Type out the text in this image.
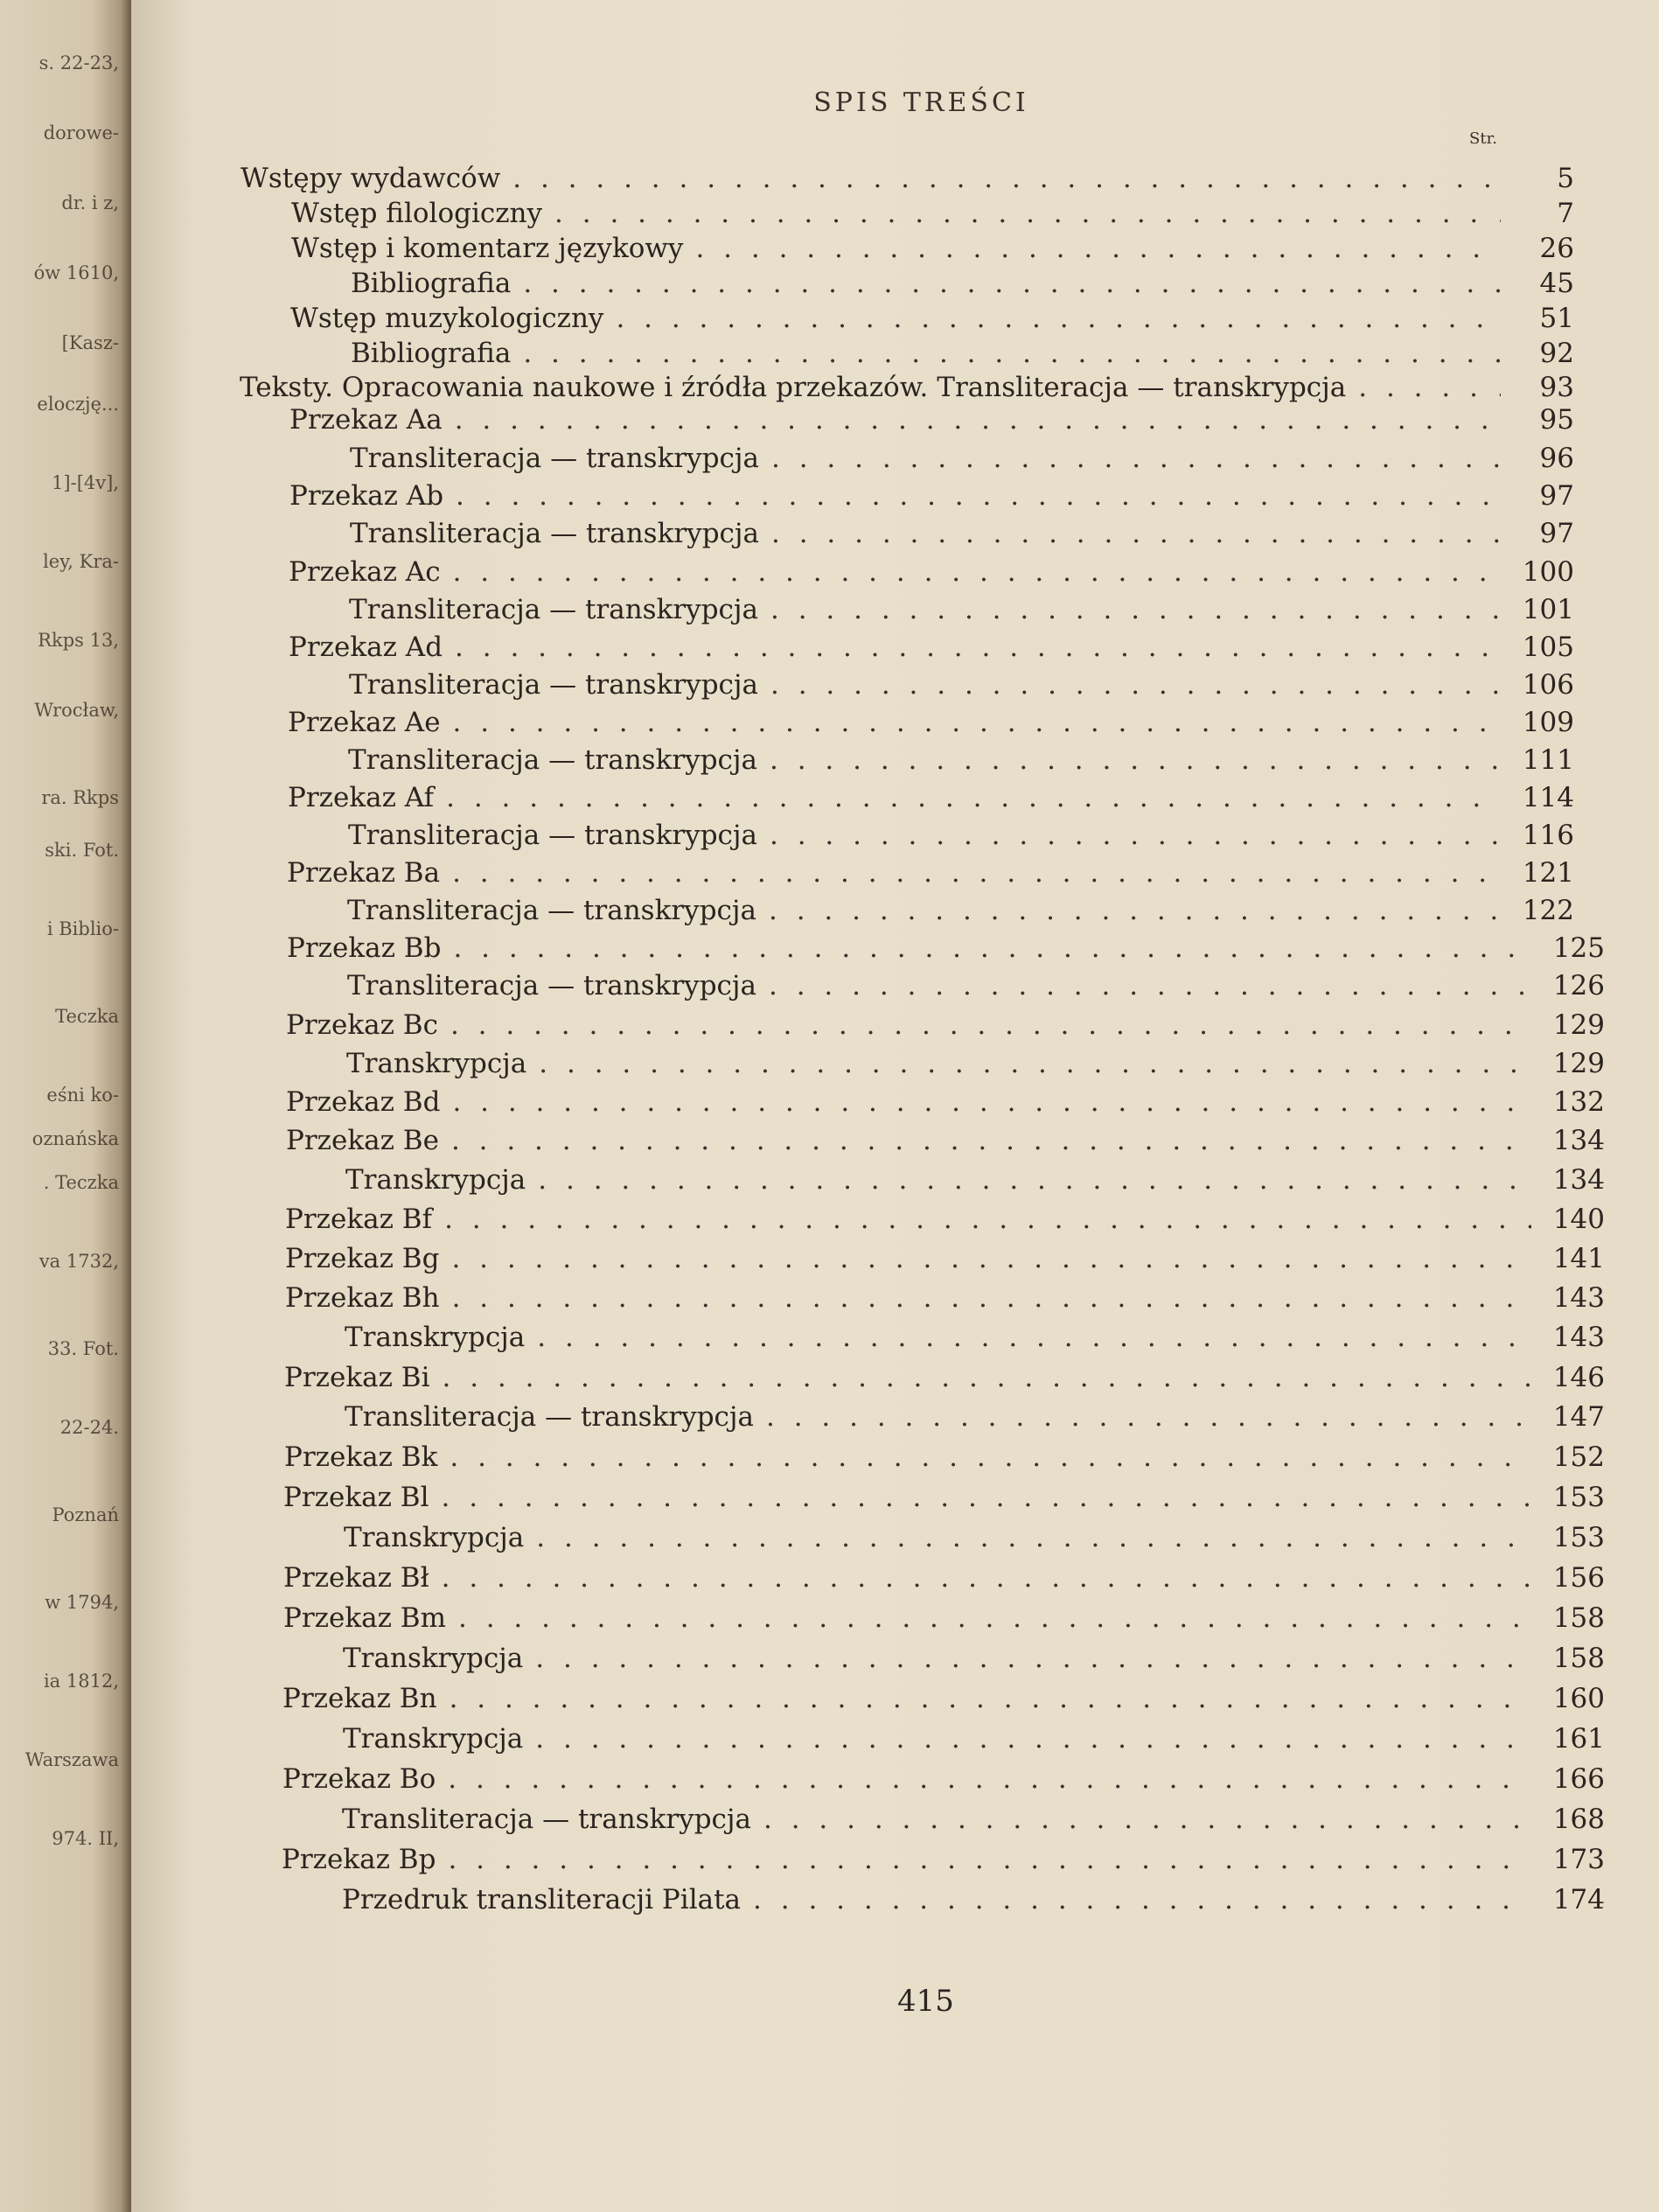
s. 22-23,
dorowe-
dr. i z,
ów 1610,
[Kasz-
eloczję...
1]-[4v],
ley, Kra-
Rkps 13,
Wrocław,
ra. Rkps
ski. Fot.
i Biblio-
Teczka
eśni ko-
oznańska
. Teczka
va 1732,
33. Fot.
22-24.
Poznań
w 1794,
ia 1812,
Warszawa
974. II,
SPIS TREŚCI
Str.
Wstępy wydawców . . .	5
Wstęp filologiczny . . .	7
Wstęp i komentarz językowy . . .	26
Bibliografia . . .	45
Wstęp muzykologiczny . . .	51
Bibliografia . . .	92
Teksty. Opracowania naukowe i źródła przekazów. Transliteracja — transkrypcja . . .	93
Przekaz Aa . . .	95
Transliteracja — transkrypcja . . .	96
Przekaz Ab . . .	97
Transliteracja — transkrypcja . . .	97
Przekaz Ac . . .	100
Transliteracja — transkrypcja . . .	101
Przekaz Ad . . .	105
Transliteracja — transkrypcja . . .	106
Przekaz Ae . . .	109
Transliteracja — transkrypcja . . .	111
Przekaz Af . . .	114
Transliteracja — transkrypcja . . .	116
Przekaz Ba . . .	121
Transliteracja — transkrypcja . . .	122
Przekaz Bb . . .	125
Transliteracja — transkrypcja . . .	126
Przekaz Bc . . .	129
Transkrypcja . . .	129
Przekaz Bd . . .	132
Przekaz Be . . .	134
Transkrypcja . . .	134
Przekaz Bf . . .	140
Przekaz Bg . . .	141
Przekaz Bh . . .	143
Transkrypcja . . .	143
Przekaz Bi . . .	146
Transliteracja — transkrypcja . . .	147
Przekaz Bk . . .	152
Przekaz Bl . . .	153
Transkrypcja . . .	153
Przekaz Bł . . .	156
Przekaz Bm . . .	158
Transkrypcja . . .	158
Przekaz Bn . . .	160
Transkrypcja . . .	161
Przekaz Bo . . .	166
Transliteracja — transkrypcja . . .	168
Przekaz Bp . . .	173
Przedruk transliteracji Pilata . . .	174
415
